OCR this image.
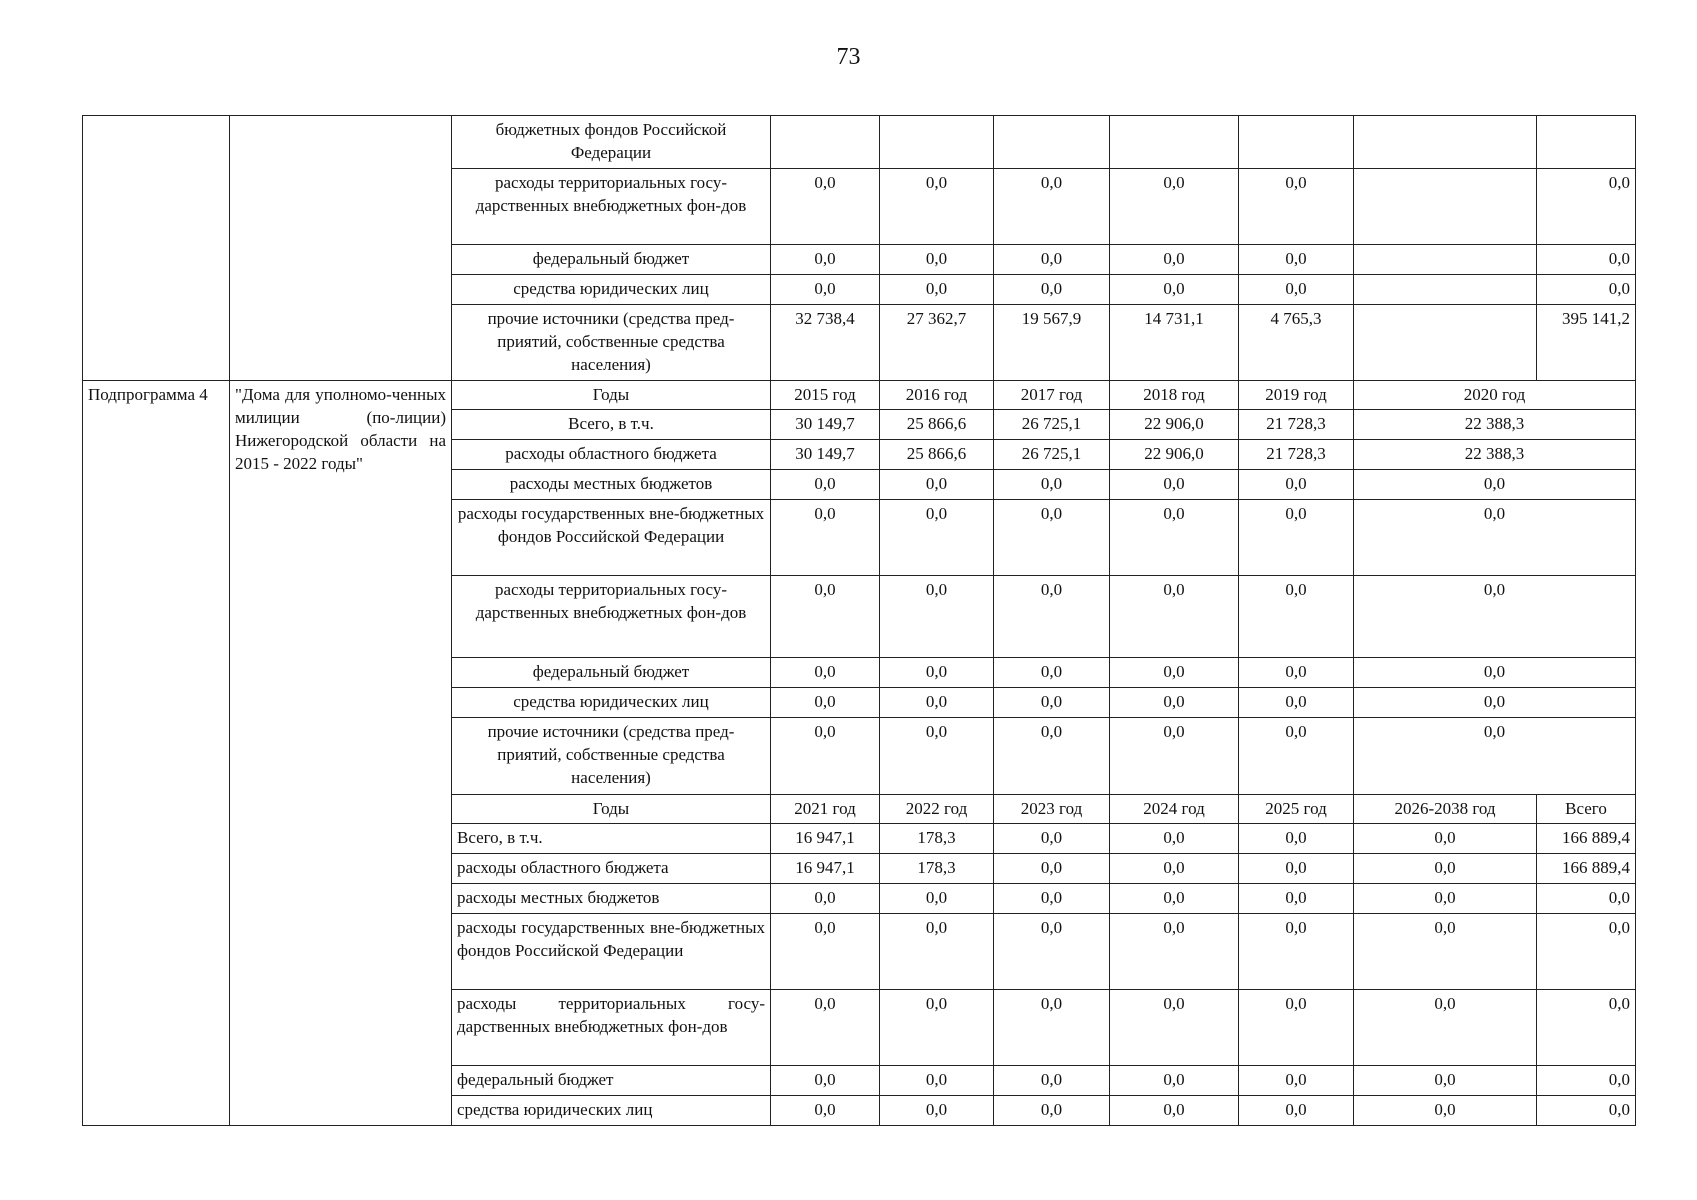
73
		бюджетных фондов Российской Федерации							
		расходы территориальных госу-дарственных внебюджетных фон-дов	0,0	0,0	0,0	0,0	0,0		0,0
		федеральный бюджет	0,0	0,0	0,0	0,0	0,0		0,0
		средства юридических лиц	0,0	0,0	0,0	0,0	0,0		0,0
		прочие источники (средства пред-приятий, собственные средства населения)	32 738,4	27 362,7	19 567,9	14 731,1	4 765,3		395 141,2
Подпрограмма 4	"Дома для уполномо-ченных милиции (по-лиции) Нижегородской области на 2015 - 2022 годы"	Годы	2015 год	2016 год	2017 год	2018 год	2019 год	2020 год	
		Всего, в т.ч.	30 149,7	25 866,6	26 725,1	22 906,0	21 728,3	22 388,3	
		расходы областного бюджета	30 149,7	25 866,6	26 725,1	22 906,0	21 728,3	22 388,3	
		расходы местных бюджетов	0,0	0,0	0,0	0,0	0,0	0,0	
		расходы государственных вне-бюджетных фондов Российской Федерации	0,0	0,0	0,0	0,0	0,0	0,0	
		расходы территориальных госу-дарственных внебюджетных фон-дов	0,0	0,0	0,0	0,0	0,0	0,0	
		федеральный бюджет	0,0	0,0	0,0	0,0	0,0	0,0	
		средства юридических лиц	0,0	0,0	0,0	0,0	0,0	0,0	
		прочие источники (средства пред-приятий, собственные средства населения)	0,0	0,0	0,0	0,0	0,0	0,0	
		Годы	2021 год	2022 год	2023 год	2024 год	2025 год	2026-2038 год	Всего
		Всего, в т.ч.	16 947,1	178,3	0,0	0,0	0,0	0,0	166 889,4
		расходы областного бюджета	16 947,1	178,3	0,0	0,0	0,0	0,0	166 889,4
		расходы местных бюджетов	0,0	0,0	0,0	0,0	0,0	0,0	0,0
		расходы государственных вне-бюджетных фондов Российской Федерации	0,0	0,0	0,0	0,0	0,0	0,0	0,0
		расходы территориальных госу-дарственных внебюджетных фон-дов	0,0	0,0	0,0	0,0	0,0	0,0	0,0
		федеральный бюджет	0,0	0,0	0,0	0,0	0,0	0,0	0,0
		средства юридических лиц	0,0	0,0	0,0	0,0	0,0	0,0	0,0
